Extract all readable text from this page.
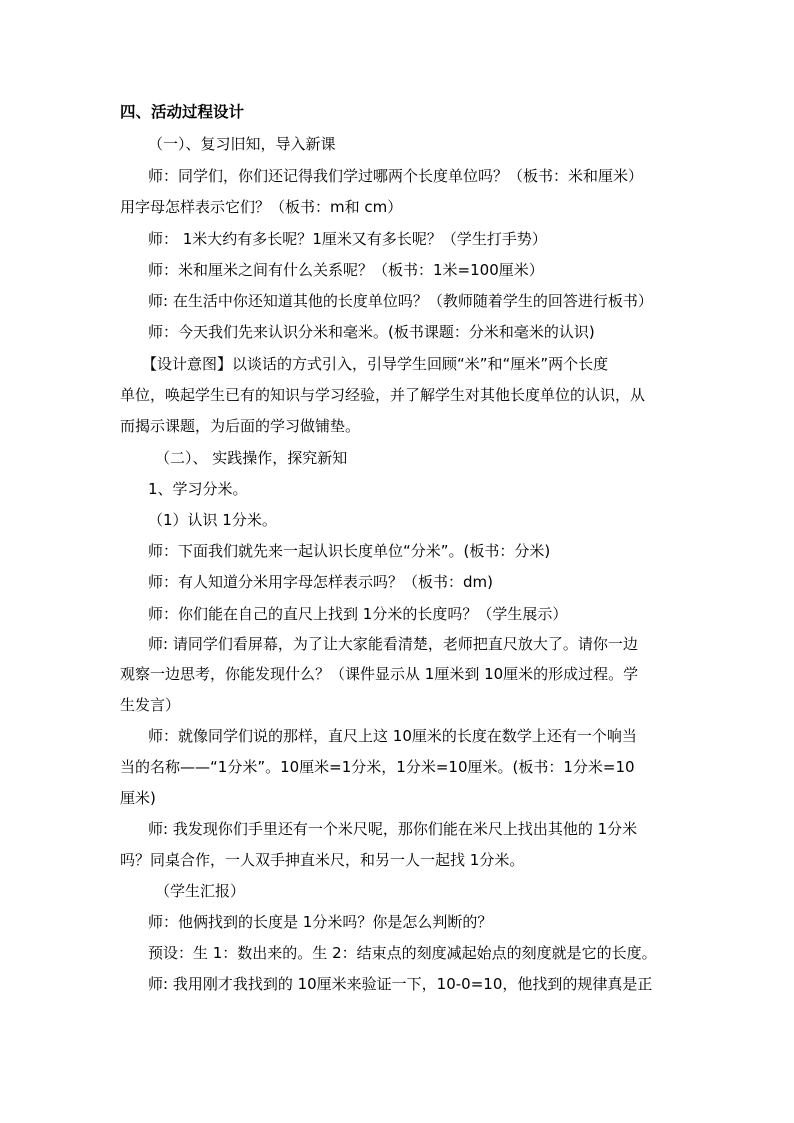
四、活动过程设计
（一）、复习旧知，导入新课
师：同学们，你们还记得我们学过哪两个长度单位吗？（板书：米和厘米）
用字母怎样表示它们？（板书：m和 cm）
师： 1米大约有多长呢？1厘米又有多长呢？（学生打手势）
师：米和厘米之间有什么关系呢？（板书：1米=100厘米）
师: 在生活中你还知道其他的长度单位吗？（教师随着学生的回答进行板书）
师：今天我们先来认识分米和毫米。(板书课题：分米和毫米的认识)
【设计意图】以谈话的方式引入，引导学生回顾“米”和“厘米”两个长度
单位，唤起学生已有的知识与学习经验，并了解学生对其他长度单位的认识，从
而揭示课题，为后面的学习做铺垫。
（二）、 实践操作，探究新知
1、学习分米。
（1）认识 1分米。
师：下面我们就先来一起认识长度单位“分米”。(板书：分米)
师：有人知道分米用字母怎样表示吗？（板书：dm)
师：你们能在自己的直尺上找到 1分米的长度吗？（学生展示）
师: 请同学们看屏幕，为了让大家能看清楚，老师把直尺放大了。请你一边
观察一边思考，你能发现什么？（课件显示从 1厘米到 10厘米的形成过程。学
生发言）
师：就像同学们说的那样，直尺上这 10厘米的长度在数学上还有一个响当
当的名称——“1分米”。10厘米=1分米，1分米=10厘米。(板书：1分米=10
厘米)
师: 我发现你们手里还有一个米尺呢，那你们能在米尺上找出其他的 1分米
吗？同桌合作，一人双手抻直米尺，和另一人一起找 1分米。
（学生汇报）
师：他俩找到的长度是 1分米吗？你是怎么判断的？
预设：生 1：数出来的。生 2：结束点的刻度减起始点的刻度就是它的长度。
师: 我用刚才我找到的 10厘米来验证一下，10-0=10，他找到的规律真是正
